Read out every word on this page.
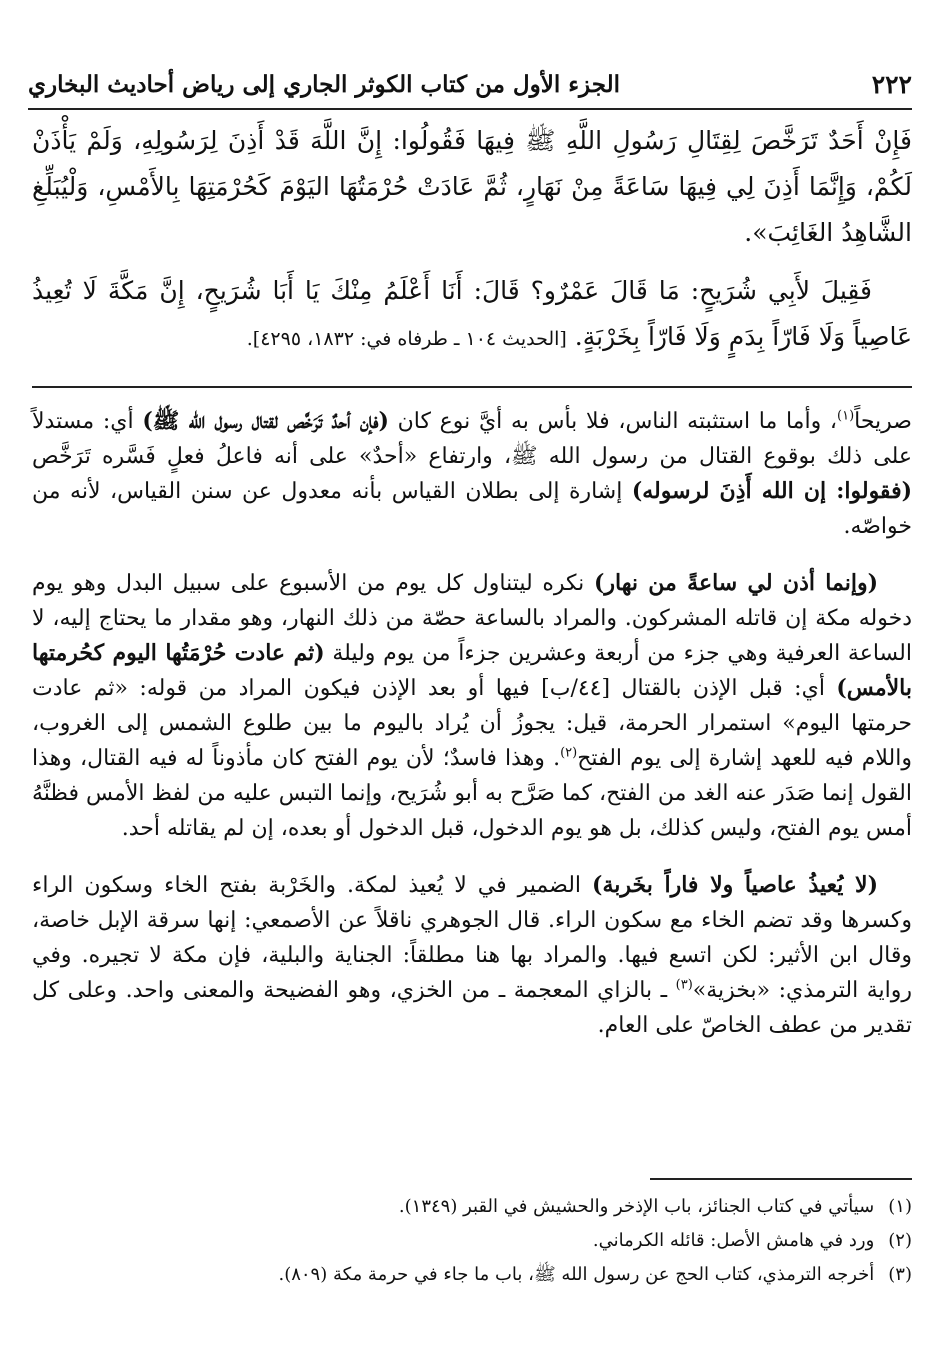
٢٢٢
الجزء الأول من كتاب الكوثر الجاري إلى رياض أحاديث البخاري

فَإِنْ أَحَدٌ تَرَخَّصَ لِقِتَالِ رَسُولِ اللَّهِ ﷺ فِيهَا فَقُولُوا: إِنَّ اللَّهَ قَدْ أَذِنَ لِرَسُولِهِ، وَلَمْ يَأْذَنْ لَكُمْ، وَإِنَّمَا أَذِنَ لِي فِيهَا سَاعَةً مِنْ نَهَارٍ، ثُمَّ عَادَتْ حُرْمَتُهَا اليَوْمَ كَحُرْمَتِهَا بِالأَمْسِ، وَلْيُبَلِّغِ الشَّاهِدُ الغَائِبَ».

فَقِيلَ لأَبِي شُرَيحٍ: مَا قَالَ عَمْرٌو؟ قَالَ: أَنَا أَعْلَمُ مِنْكَ يَا أَبَا شُرَيحٍ، إِنَّ مَكَّةَ لَا تُعِيذُ عَاصِياً وَلَا فَارّاً بِدَمٍ وَلَا فَارّاً بِخَرْبَةٍ. [الحديث ١٠٤ ـ طرفاه في: ١٨٣٢، ٤٢٩٥].

صريحاً$^{(١)}$، وأما ما استثبته الناس، فلا بأس به أيَّ نوع كان (فإن أحدٌ تَرَخَّص لقتال رسول الله ﷺ) أي: مستدلاً على ذلك بوقوع القتال من رسول الله ﷺ، وارتفاع «أحدٌ» على أنه فاعلُ فعلٍ فَسَّره تَرَخَّص (فقولوا: إن الله أَذِنَ لرسوله) إشارة إلى بطلان القياس بأنه معدول عن سنن القياس، لأنه من خواصّه.

(وإنما أذن لي ساعةً من نهار) نكره ليتناول كل يوم من الأسبوع على سبيل البدل وهو يوم دخوله مكة إن قاتله المشركون. والمراد بالساعة حصّة من ذلك النهار، وهو مقدار ما يحتاج إليه، لا الساعة العرفية وهي جزء من أربعة وعشرين جزءاً من يوم وليلة (ثم عادت حُرْمَتُها اليوم كحُرمتها بالأمس) أي: قبل الإذن بالقتال [٤٤/ب] فيها أو بعد الإذن فيكون المراد من قوله: «ثم عادت حرمتها اليوم» استمرار الحرمة، قيل: يجوزُ أن يُراد باليوم ما بين طلوع الشمس إلى الغروب، واللام فيه للعهد إشارة إلى يوم الفتح$^{(٢)}$. وهذا فاسدٌ؛ لأن يوم الفتح كان مأذوناً له فيه القتال، وهذا القول إنما صَدَر عنه الغد من الفتح، كما صَرَّح به أبو شُرَيح، وإنما التبس عليه من لفظ الأمس فظنَّهُ أمس يوم الفتح، وليس كذلك، بل هو يوم الدخول، قبل الدخول أو بعده، إن لم يقاتله أحد.

(لا يُعيذُ عاصياً ولا فاراً بخَربة) الضمير في لا يُعيذ لمكة. والخَرْبة بفتح الخاء وسكون الراء وكسرها وقد تضم الخاء مع سكون الراء. قال الجوهري ناقلاً عن الأصمعي: إنها سرقة الإبل خاصة، وقال ابن الأثير: لكن اتسع فيها. والمراد بها هنا مطلقاً: الجناية والبلية، فإن مكة لا تجيره. وفي رواية الترمذي: «بخزية»$^{(٣)}$ ـ بالزاي المعجمة ـ من الخزي، وهو الفضيحة والمعنى واحد. وعلى كل تقدير من عطف الخاصّ على العام.

(١)
سيأتي في كتاب الجنائز، باب الإذخر والحشيش في القبر (١٣٤٩).
(٢)
ورد في هامش الأصل: قائله الكرماني.
(٣)
أخرجه الترمذي، كتاب الحج عن رسول الله ﷺ، باب ما جاء في حرمة مكة (٨٠٩).
